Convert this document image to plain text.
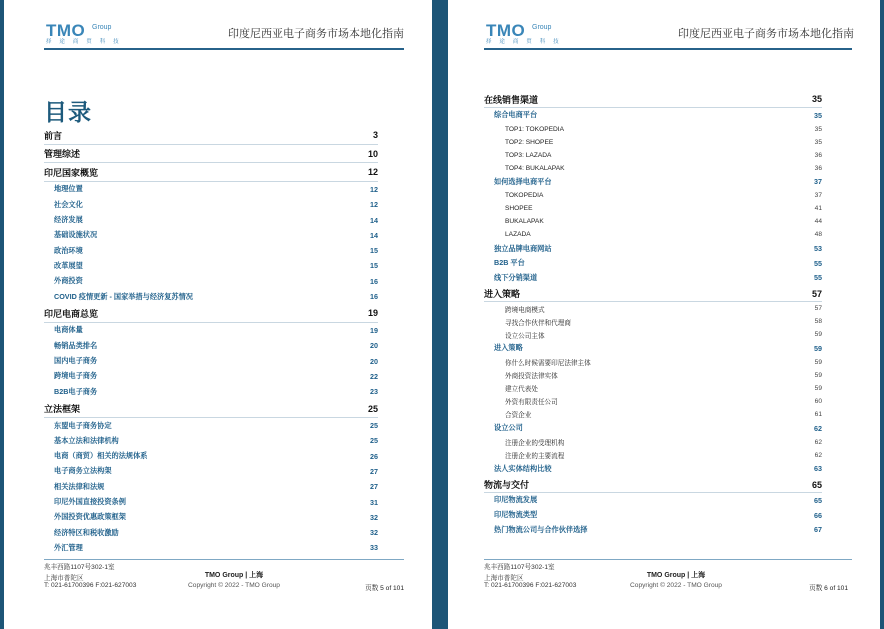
TMO Group
择 途 商 贸 科 技
印度尼西亚电子商务市场本地化指南
目录
前言	3
管理综述	10
印尼国家概览	12
地理位置	12
社会文化	12
经济发展	14
基础设施状况	14
政治环境	15
改革展望	15
外商投资	16
COVID 疫情更新 - 国家举措与经济复苏情况	16
印尼电商总览	19
电商体量	19
畅销品类排名	20
国内电子商务	20
跨境电子商务	22
B2B电子商务	23
立法框架	25
东盟电子商务协定	25
基本立法和法律机构	25
电商（商贸）相关的法规体系	26
电子商务立法构架	27
相关法律和法规	27
印尼外国直接投资条例	31
外国投资优惠政策框架	32
经济特区和税收激励	32
外汇管理	33
兆丰西路1107号302-1室
上海市普陀区
T: 021-61700396 F:021-627003
TMO Group | 上海
Copyright © 2022 - TMO Group	页数 5 of 101
TMO Group
择 途 商 贸 科 技
印度尼西亚电子商务市场本地化指南
在线销售渠道	35
综合电商平台	35
TOP1: TOKOPEDIA	35
TOP2: SHOPEE	35
TOP3: LAZADA	36
TOP4: BUKALAPAK	36
如何选择电商平台	37
TOKOPEDIA	37
SHOPEE	41
BUKALAPAK	44
LAZADA	48
独立品牌电商网站	53
B2B 平台	55
线下分销渠道	55
进入策略	57
跨境电商模式	57
寻找合作伙伴和代理商	58
设立公司主体	59
进入策略	59
你什么时候需要印尼法律主体	59
外商投资法律实体	59
建立代表处	59
外资有限责任公司	60
合资企业	61
设立公司	62
注册企业的受理机构	62
注册企业的主要流程	62
法人实体结构比较	63
物流与交付	65
印尼物流发展	65
印尼物流类型	66
热门物流公司与合作伙伴选择	67
兆丰西路1107号302-1室
上海市普陀区
T: 021-61700396 F:021-627003
TMO Group | 上海
Copyright © 2022 - TMO Group	页数 6 of 101
